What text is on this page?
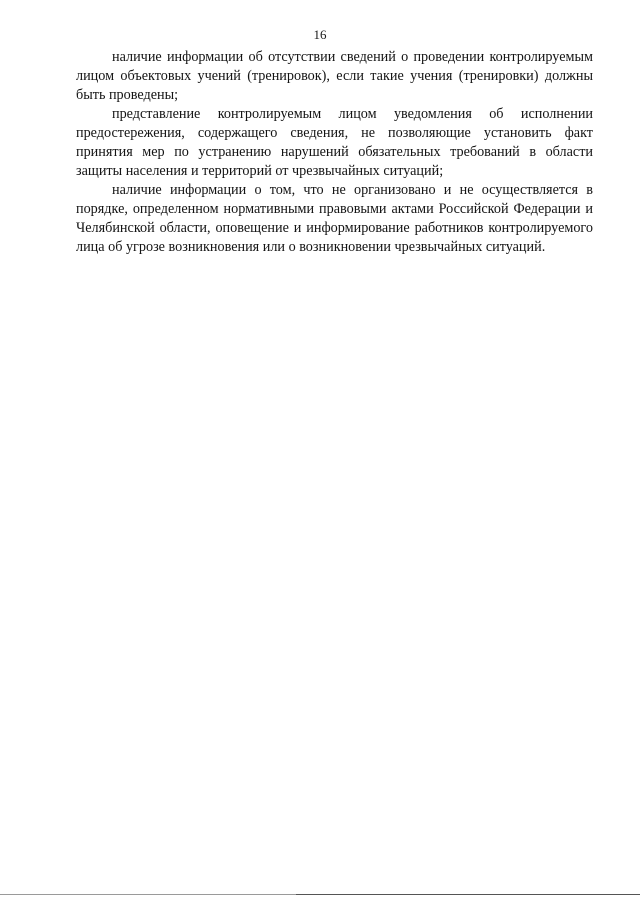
16

наличие информации об отсутствии сведений о проведении контролируемым лицом объектовых учений (тренировок), если такие учения (тренировки) должны быть проведены;

представление контролируемым лицом уведомления об исполнении предостережения, содержащего сведения, не позволяющие установить факт принятия мер по устранению нарушений обязательных требований в области защиты населения и территорий от чрезвычайных ситуаций;

наличие информации о том, что не организовано и не осуществляется в порядке, определенном нормативными правовыми актами Российской Федерации и Челябинской области, оповещение и информирование работников контролируемого лица об угрозе возникновения или о возникновении чрезвычайных ситуаций.
